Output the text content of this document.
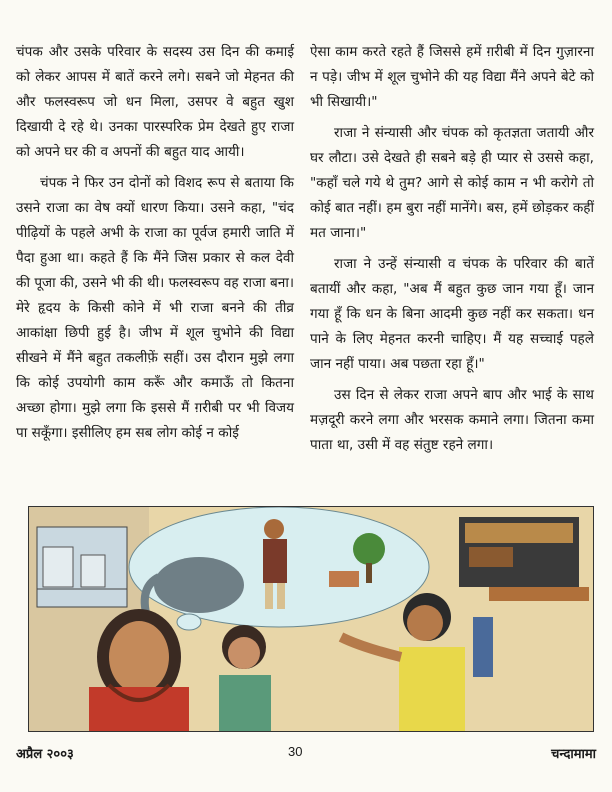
चंपक और उसके परिवार के सदस्य उस दिन की कमाई को लेकर आपस में बातें करने लगे। सबने जो मेहनत की और फलस्वरूप जो धन मिला, उसपर वे बहुत खुश दिखायी दे रहे थे। उनका पारस्परिक प्रेम देखते हुए राजा को अपने घर की व अपनों की बहुत याद आयी।

चंपक ने फिर उन दोनों को विशद रूप से बताया कि उसने राजा का वेष क्यों धारण किया। उसने कहा, "चंद पीढ़ियों के पहले अभी के राजा का पूर्वज हमारी जाति में पैदा हुआ था। कहते हैं कि मैंने जिस प्रकार से कल देवी की पूजा की, उसने भी की थी। फलस्वरूप वह राजा बना। मेरे हृदय के किसी कोने में भी राजा बनने की तीव्र आकांक्षा छिपी हुई है। जीभ में शूल चुभोने की विद्या सीखने में मैंने बहुत तकलीफ़ें सहीं। उस दौरान मुझे लगा कि कोई उपयोगी काम करूँ और कमाऊँ तो कितना अच्छा होगा। मुझे लगा कि इससे मैं ग़रीबी पर भी विजय पा सकूँगा। इसीलिए हम सब लोग कोई न कोई

ऐसा काम करते रहते हैं जिससे हमें ग़रीबी में दिन गुज़ारना न पड़े। जीभ में शूल चुभोने की यह विद्या मैंने अपने बेटे को भी सिखायी।"

राजा ने संन्यासी और चंपक को कृतज्ञता जतायी और घर लौटा। उसे देखते ही सबने बड़े ही प्यार से उससे कहा, "कहाँ चले गये थे तुम? आगे से कोई काम न भी करोगे तो कोई बात नहीं। हम बुरा नहीं मानेंगे। बस, हमें छोड़कर कहीं मत जाना।"

राजा ने उन्हें संन्यासी व चंपक के परिवार की बातें बतायीं और कहा, "अब मैं बहुत कुछ जान गया हूँ। जान गया हूँ कि धन के बिना आदमी कुछ नहीं कर सकता। धन पाने के लिए मेहनत करनी चाहिए। मैं यह सच्चाई पहले जान नहीं पाया। अब पछता रहा हूँ।"

उस दिन से लेकर राजा अपने बाप और भाई के साथ मज़दूरी करने लगा और भरसक कमाने लगा। जितना कमा पाता था, उसी में वह संतुष्ट रहने लगा।

अप्रैल २००३	30	चन्दामामा
